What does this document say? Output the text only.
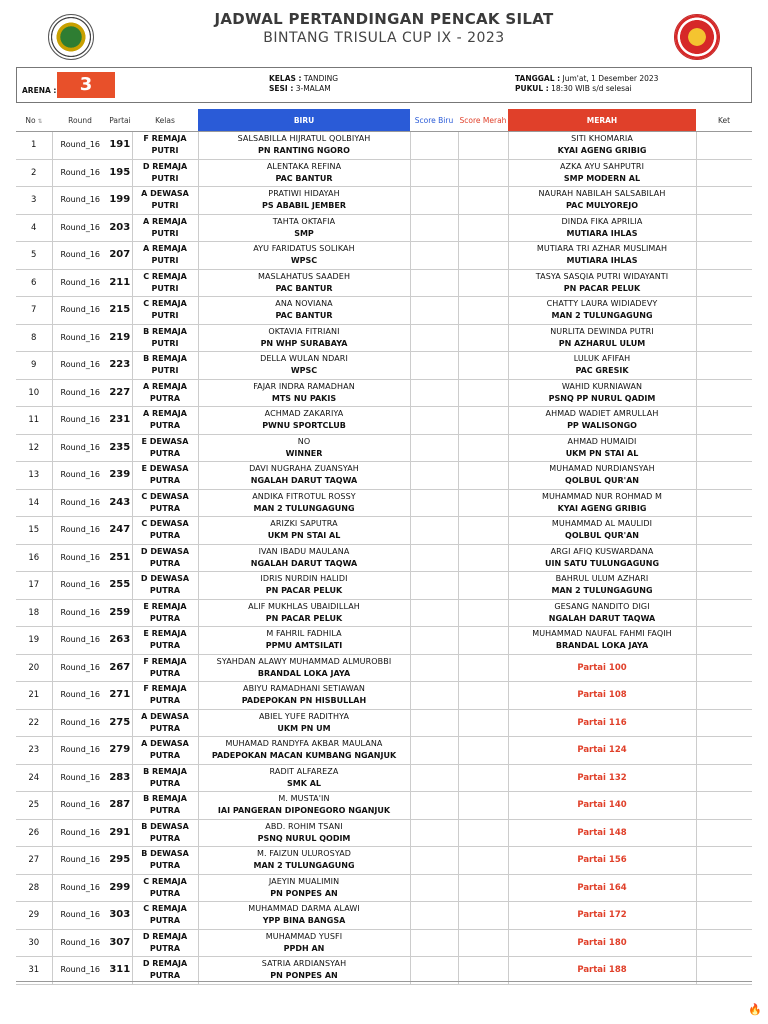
JADWAL PERTANDINGAN PENCAK SILAT
BINTANG TRISULA CUP IX - 2023
ARENA :	3	KELAS : TANDING
SESI : 3-MALAM
TANGGAL : Jum'at, 1 Desember 2023
PUKUL : 18:30 WIB s/d selesai
No ⇅	Round	Partai	Kelas	BIRU	Score Biru	Score Merah	MERAH	Ket
1	Round_16	191	F REMAJA
PUTRI	SALSABILLA HIJRATUL QOLBIYAH
PN RANTING NGORO			SITI KHOMARIA
KYAI AGENG GRIBIG	

2	Round_16	195	D REMAJA
PUTRI	ALENTAKA REFINA
PAC BANTUR			AZKA AYU SAHPUTRI
SMP MODERN AL	

3	Round_16	199	A DEWASA
PUTRI	PRATIWI HIDAYAH
PS ABABIL JEMBER			NAURAH NABILAH SALSABILAH
PAC MULYOREJO	

4	Round_16	203	A REMAJA
PUTRI	TAHTA OKTAFIA
SMP			DINDA FIKA APRILIA
MUTIARA IHLAS	

5	Round_16	207	A REMAJA
PUTRI	AYU FARIDATUS SOLIKAH
WPSC			MUTIARA TRI AZHAR MUSLIMAH
MUTIARA IHLAS	

6	Round_16	211	C REMAJA
PUTRI	MASLAHATUS SAADEH
PAC BANTUR			TASYA SASQIA PUTRI WIDAYANTI
PN PACAR PELUK	

7	Round_16	215	C REMAJA
PUTRI	ANA NOVIANA
PAC BANTUR			CHATTY LAURA WIDIADEVY
MAN 2 TULUNGAGUNG	

8	Round_16	219	B REMAJA
PUTRI	OKTAVIA FITRIANI
PN WHP SURABAYA			NURLITA DEWINDA PUTRI
PN AZHARUL ULUM	

9	Round_16	223	B REMAJA
PUTRI	DELLA WULAN NDARI
WPSC			LULUK AFIFAH
PAC GRESIK	

10	Round_16	227	A REMAJA
PUTRA	FAJAR INDRA RAMADHAN
MTS NU PAKIS			WAHID KURNIAWAN
PSNQ PP NURUL QADIM	

11	Round_16	231	A REMAJA
PUTRA	ACHMAD ZAKARIYA
PWNU SPORTCLUB			AHMAD WADIET AMRULLAH
PP WALISONGO	

12	Round_16	235	E DEWASA
PUTRA	NO
WINNER			AHMAD HUMAIDI
UKM PN STAI AL	

13	Round_16	239	E DEWASA
PUTRA	DAVI NUGRAHA ZUANSYAH
NGALAH DARUT TAQWA			MUHAMAD NURDIANSYAH
QOLBUL QUR'AN	

14	Round_16	243	C DEWASA
PUTRA	ANDIKA FITROTUL ROSSY
MAN 2 TULUNGAGUNG			MUHAMMAD NUR ROHMAD M
KYAI AGENG GRIBIG	

15	Round_16	247	C DEWASA
PUTRA	ARIZKI SAPUTRA
UKM PN STAI AL			MUHAMMAD AL MAULIDI
QOLBUL QUR'AN	

16	Round_16	251	D DEWASA
PUTRA	IVAN IBADU MAULANA
NGALAH DARUT TAQWA			ARGI AFIQ KUSWARDANA
UIN SATU TULUNGAGUNG	

17	Round_16	255	D DEWASA
PUTRA	IDRIS NURDIN HALIDI
PN PACAR PELUK			BAHRUL ULUM AZHARI
MAN 2 TULUNGAGUNG	

18	Round_16	259	E REMAJA
PUTRA	ALIF MUKHLAS UBAIDILLAH
PN PACAR PELUK			GESANG NANDITO DIGI
NGALAH DARUT TAQWA	

19	Round_16	263	E REMAJA
PUTRA	M FAHRIL FADHILA
PPMU AMTSILATI			MUHAMMAD NAUFAL FAHMI FAQIH
BRANDAL LOKA JAYA	

20	Round_16	267	F REMAJA
PUTRA	SYAHDAN ALAWY MUHAMMAD ALMUROBBI
BRANDAL LOKA JAYA			Partai 100	
21	Round_16	271	F REMAJA
PUTRA	ABIYU RAMADHANI SETIAWAN
PADEPOKAN PN HISBULLAH			Partai 108	
22	Round_16	275	A DEWASA
PUTRA	ABIEL YUFE RADITHYA
UKM PN UM			Partai 116	
23	Round_16	279	A DEWASA
PUTRA	MUHAMAD RANDYFA AKBAR MAULANA
PADEPOKAN MACAN KUMBANG NGANJUK			Partai 124	
24	Round_16	283	B REMAJA
PUTRA	RADIT ALFAREZA
SMK AL			Partai 132	
25	Round_16	287	B REMAJA
PUTRA	M. MUSTA'IN
IAI PANGERAN DIPONEGORO NGANJUK			Partai 140	
26	Round_16	291	B DEWASA
PUTRA	ABD. ROHIM TSANI
PSNQ NURUL QODIM			Partai 148	
27	Round_16	295	B DEWASA
PUTRA	M. FAIZUN ULUROSYAD
MAN 2 TULUNGAGUNG			Partai 156	
28	Round_16	299	C REMAJA
PUTRA	JAEYIN MUALIMIN
PN PONPES AN			Partai 164	
29	Round_16	303	C REMAJA
PUTRA	MUHAMMAD DARMA ALAWI
YPP BINA BANGSA			Partai 172	
30	Round_16	307	D REMAJA
PUTRA	MUHAMMAD YUSFI
PPDH AN			Partai 180	
31	Round_16	311	D REMAJA
PUTRA	SATRIA ARDIANSYAH
PN PONPES AN			Partai 188	
🔥
